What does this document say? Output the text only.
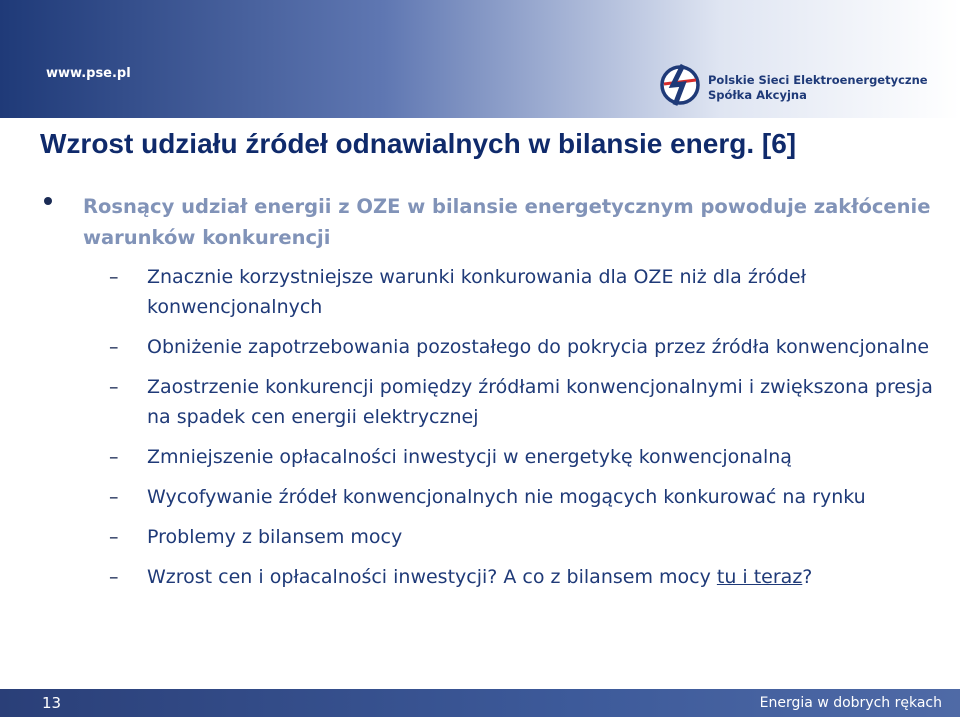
www.pse.pl	Polskie Sieci Elektroenergetyczne
Spółka Akcyjna
Wzrost udziału źródeł odnawialnych w bilansie energ. [6]
Rosnący udział energii z OZE w bilansie energetycznym powoduje zakłócenie warunków konkurencji
– Znacznie korzystniejsze warunki konkurowania dla OZE niż dla źródeł konwencjonalnych
– Obniżenie zapotrzebowania pozostałego do pokrycia przez źródła konwencjonalne
– Zaostrzenie konkurencji pomiędzy źródłami konwencjonalnymi i zwiększona presja na spadek cen energii elektrycznej
– Zmniejszenie opłacalności inwestycji w energetykę konwencjonalną
– Wycofywanie źródeł konwencjonalnych nie mogących konkurować na rynku
– Problemy z bilansem mocy
– Wzrost cen i opłacalności inwestycji? A co z bilansem mocy tu i teraz?
13	Energia w dobrych rękach
